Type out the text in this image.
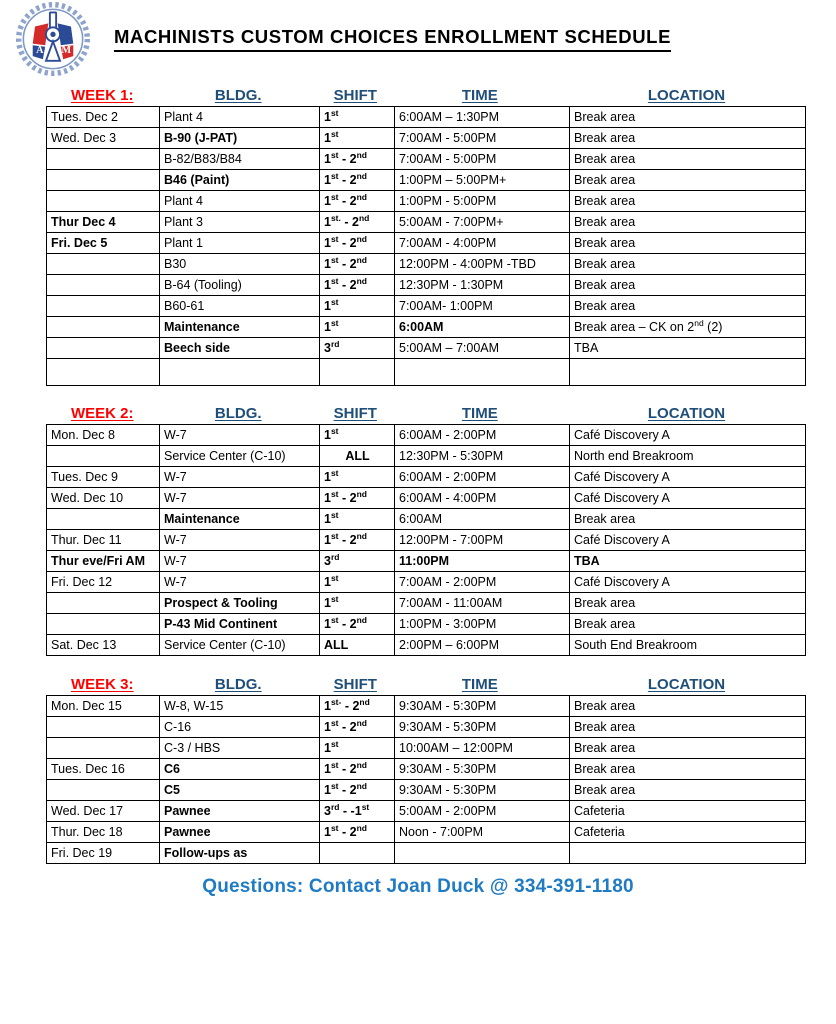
A M
MACHINISTS CUSTOM CHOICES ENROLLMENT SCHEDULE
WEEK 1:	BLDG.	SHIFT	TIME	LOCATION
Tues. Dec 2	Plant 4	1st	6:00AM – 1:30PM	Break area
Wed. Dec 3	B-90 (J-PAT)	1st	7:00AM - 5:00PM	Break area
	B-82/B83/B84	1st - 2nd	7:00AM - 5:00PM	Break area
	B46 (Paint)	1st - 2nd	1:00PM – 5:00PM+	Break area
	Plant 4	1st - 2nd	1:00PM - 5:00PM	Break area
Thur Dec 4	Plant 3	$1^{st.} - 2nd$	5:00AM - 7:00PM+	Break area
Fri. Dec 5	Plant 1	1st - 2nd	7:00AM - 4:00PM	Break area
	B30	1st - 2nd	12:00PM - 4:00PM -TBD	Break area
	B-64 (Tooling)	1st - 2nd	12:30PM - 1:30PM	Break area
	B60-61	1st	7:00AM- 1:00PM	Break area
	Maintenance	1st	6:00AM	Break area – CK on 2nd (2)
	Beech side	3rd	5:00AM – 7:00AM	TBA

WEEK 2:	BLDG.	SHIFT	TIME	LOCATION
Mon. Dec 8	W-7	1st	6:00AM - 2:00PM	Café Discovery A
	Service Center (C-10)	ALL	12:30PM - 5:30PM	North end Breakroom
Tues. Dec 9	W-7	1st	6:00AM - 2:00PM	Café Discovery A
Wed. Dec 10	W-7	1st - 2nd	6:00AM - 4:00PM	Café Discovery A
	Maintenance	1st	6:00AM	Break area
Thur. Dec 11	W-7	1st - 2nd	12:00PM - 7:00PM	Café Discovery A
Thur eve/Fri AM	W-7	3rd	11:00PM	TBA
Fri. Dec 12	W-7	1st	7:00AM - 2:00PM	Café Discovery A
	Prospect & Tooling	1st	7:00AM - 11:00AM	Break area
	P-43 Mid Continent	1st - 2nd	1:00PM - 3:00PM	Break area
Sat. Dec 13	Service Center (C-10)	ALL	2:00PM – 6:00PM	South End Breakroom
WEEK 3:	BLDG.	SHIFT	TIME	LOCATION
Mon. Dec 15	W-8, W-15	$1^{st-} - 2nd$	9:30AM - 5:30PM	Break area
	C-16	1st - 2nd	9:30AM - 5:30PM	Break area
	C-3 / HBS	1st	10:00AM – 12:00PM	Break area
Tues. Dec 16	C6	1st - 2nd	9:30AM - 5:30PM	Break area
	C5	1st - 2nd	9:30AM - 5:30PM	Break area
Wed. Dec 17	Pawnee	3rd - -1st	5:00AM - 2:00PM	Cafeteria
Thur. Dec 18	Pawnee	1st - 2nd	Noon - 7:00PM	Cafeteria
Fri. Dec 19	Follow-ups as			
Questions: Contact Joan Duck @ 334-391-1180
